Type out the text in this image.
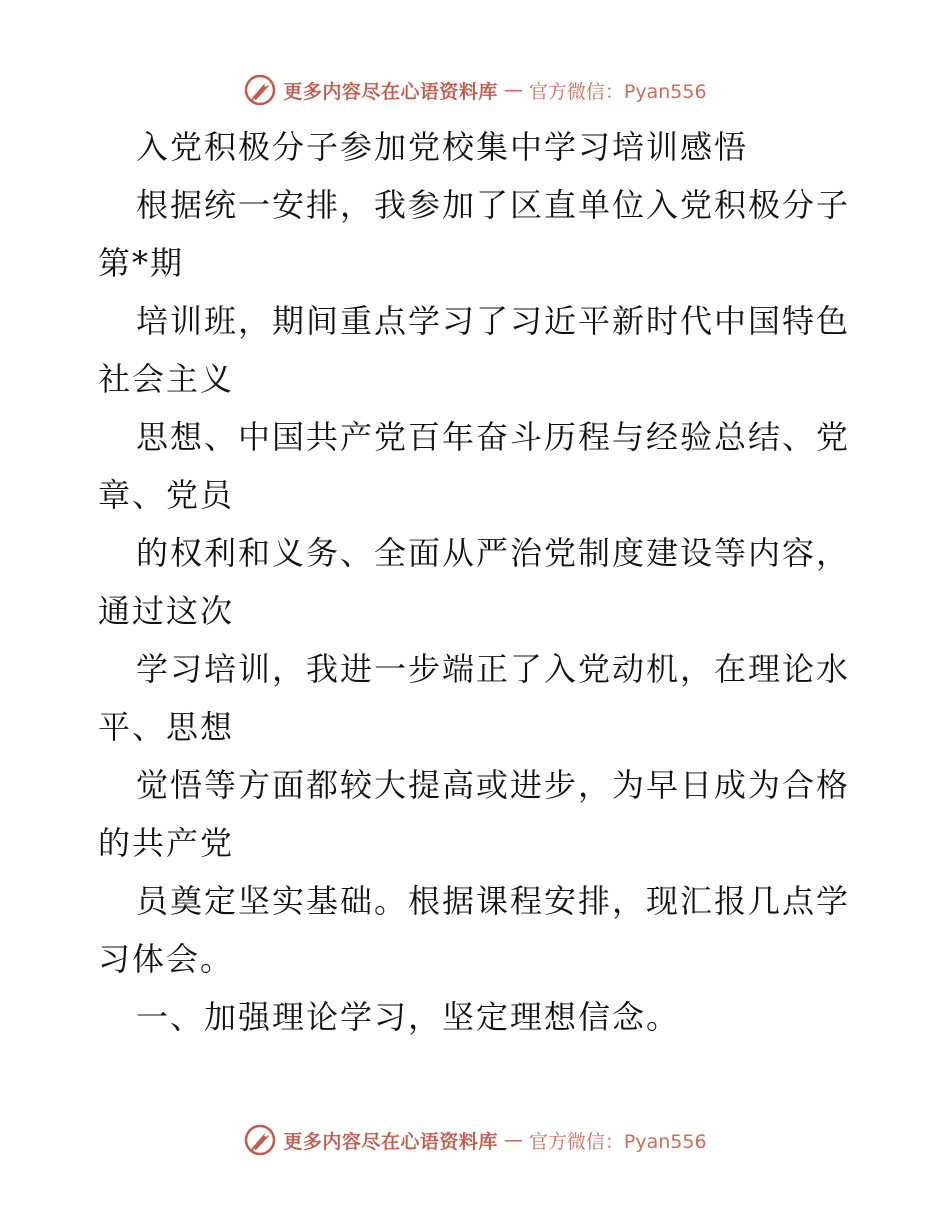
更多内容尽在心语资料库 — 官方微信：Pyan556
入党积极分子参加党校集中学习培训感悟
根据统一安排，我参加了区直单位入党积极分子
第*期
培训班，期间重点学习了习近平新时代中国特色
社会主义
思想、中国共产党百年奋斗历程与经验总结、党
章、党员
的权利和义务、全面从严治党制度建设等内容，
通过这次
学习培训，我进一步端正了入党动机，在理论水
平、思想
觉悟等方面都较大提高或进步，为早日成为合格
的共产党
员奠定坚实基础。根据课程安排，现汇报几点学
习体会。
一、加强理论学习，坚定理想信念。
更多内容尽在心语资料库 — 官方微信：Pyan556
